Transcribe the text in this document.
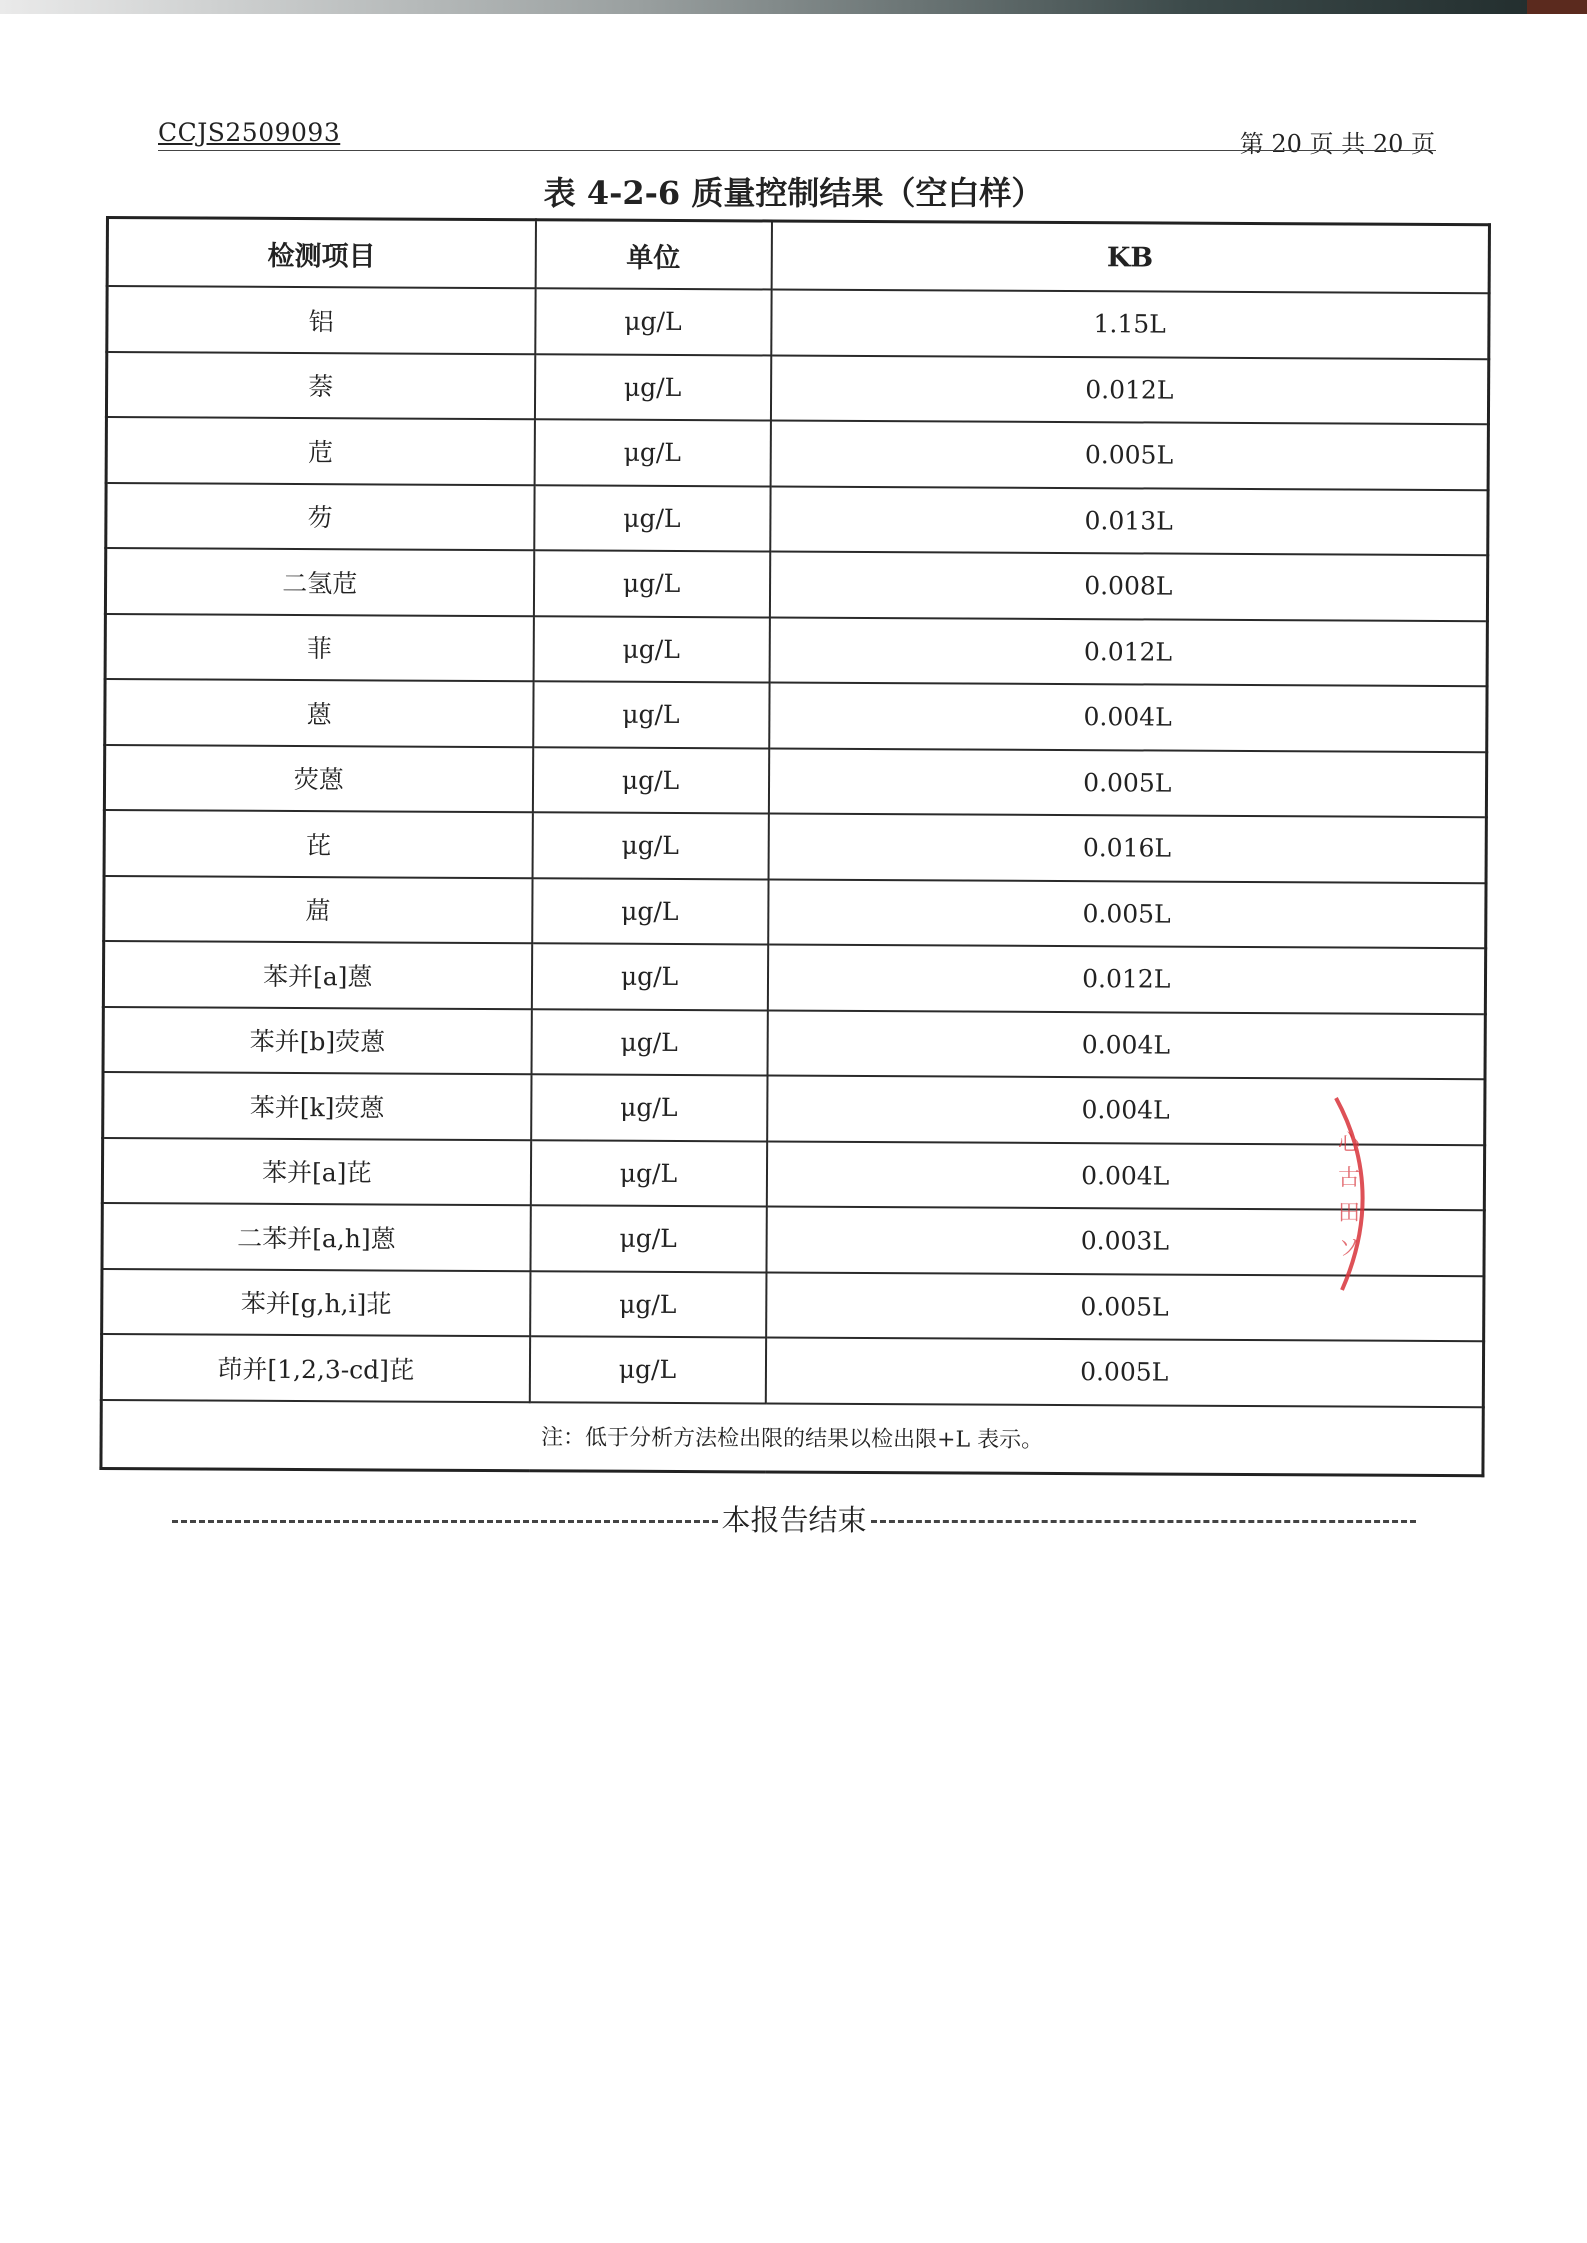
CCJS2509093	第 20 页 共 20 页
表 4-2-6 质量控制结果（空白样）
检测项目	单位	KB
铝	μg/L	1.15L
萘	μg/L	0.012L
苊	μg/L	0.005L
芴	μg/L	0.013L
二氢苊	μg/L	0.008L
菲	μg/L	0.012L
蒽	μg/L	0.004L
荧蒽	μg/L	0.005L
芘	μg/L	0.016L
䓛	μg/L	0.005L
苯并[a]蒽	μg/L	0.012L
苯并[b]荧蒽	μg/L	0.004L
苯并[k]荧蒽	μg/L	0.004L
苯并[a]芘	μg/L	0.004L
二苯并[a,h]蒽	μg/L	0.003L
苯并[g,h,i]苝	μg/L	0.005L
茚并[1,2,3-cd]芘	μg/L	0.005L
注：低于分析方法检出限的结果以检出限+L 表示。		
心
古
田
ソ
本报告结束
